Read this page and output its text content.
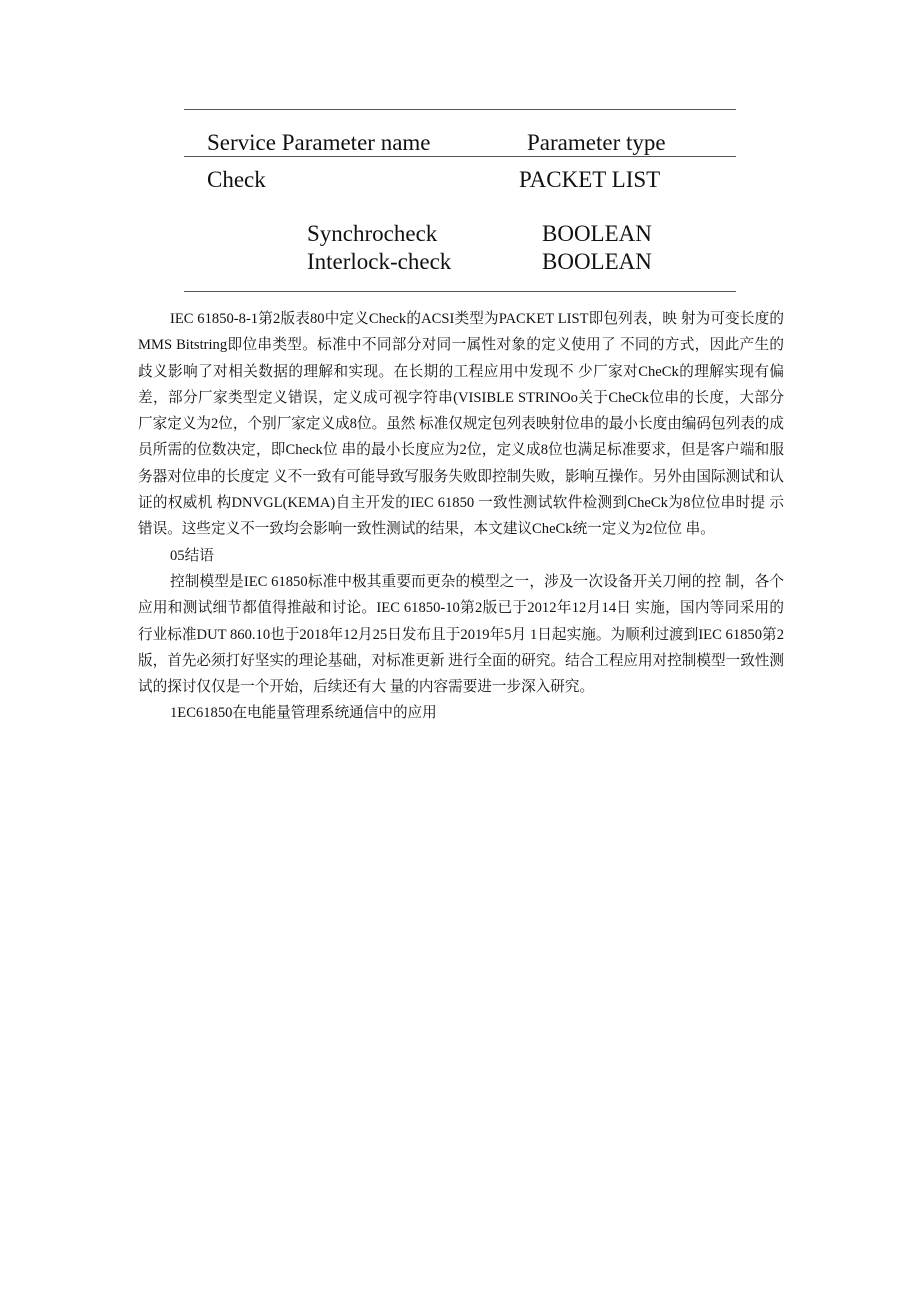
Service Parameter name	Parameter type
Check	PACKET LIST
Synchrocheck	BOOLEAN
Interlock-check	BOOLEAN

IEC 61850-8-1第2版表80中定义Check的ACSI类型为PACKET LIST即包列表，映 射为可变长度的MMS Bitstring即位串类型。标准中不同部分对同一属性对象的定义使用了 不同的方式，因此产生的歧义影响了对相关数据的理解和实现。在长期的工程应用中发现不 少厂家对CheCk的理解实现有偏差，部分厂家类型定义错误，定义成可视字符串(VISIBLE STRINOo关于CheCk位串的长度，大部分厂家定义为2位，个别厂家定义成8位。虽然 标准仅规定包列表映射位串的最小长度由编码包列表的成员所需的位数决定，即Check位 串的最小长度应为2位，定义成8位也满足标准要求，但是客户端和服务器对位串的长度定 义不一致有可能导致写服务失败即控制失败，影响互操作。另外由国际测试和认证的权威机 构DNVGL(KEMA)自主开发的IEC 61850 一致性测试软件检测到CheCk为8位位串时提 示错误。这些定义不一致均会影响一致性测试的结果，本文建议CheCk统一定义为2位位 串。

05结语

控制模型是IEC 61850标准中极其重要而更杂的模型之一，涉及一次设备开关刀闸的控 制，各个应用和测试细节都值得推敲和讨论。IEC 61850-10第2版已于2012年12月14日 实施，国内等同采用的行业标准DUT 860.10也于2018年12月25日发布且于2019年5月 1日起实施。为顺利过渡到IEC 61850第2版，首先必须打好坚实的理论基础，对标准更新 进行全面的研究。结合工程应用对控制模型一致性测试的探讨仅仅是一个开始，后续还有大 量的内容需要进一步深入研究。

1EC61850在电能量管理系统通信中的应用
